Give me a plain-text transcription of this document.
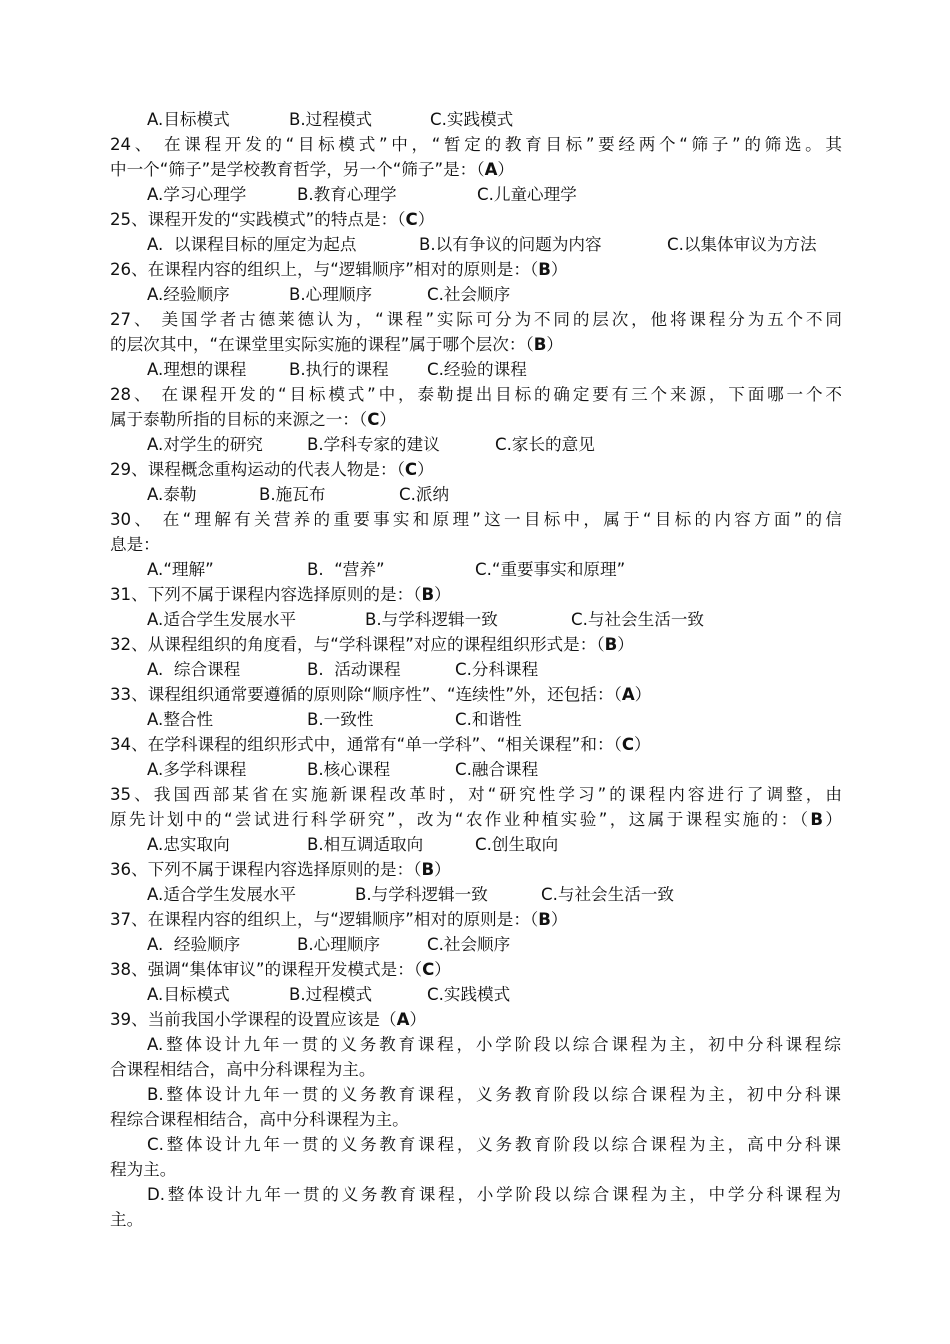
A.目标模式	B.过程模式	C.实践模式
24、 在课程开发的“目标模式”中，“暂定的教育目标”要经两个“筛子”的筛选。其
中一个“筛子”是学校教育哲学，另一个“筛子”是：（A）
A.学习心理学	B.教育心理学	C.儿童心理学
25、课程开发的“实践模式”的特点是：（C）
A.  以课程目标的厘定为起点	B.以有争议的问题为内容	C.以集体审议为方法
26、在课程内容的组织上，与“逻辑顺序”相对的原则是：（B）
A.经验顺序	B.心理顺序	C.社会顺序
27、 美国学者古德莱德认为，“课程”实际可分为不同的层次，他将课程分为五个不同
的层次其中，“在课堂里实际实施的课程”属于哪个层次：（B）
A.理想的课程	B.执行的课程 C.经验的课程
28、 在课程开发的“目标模式”中，泰勒提出目标的确定要有三个来源，下面哪一个不
属于泰勒所指的目标的来源之一：（C）
A.对学生的研究	B.学科专家的建议	C.家长的意见
29、课程概念重构运动的代表人物是：（C）
A.泰勒	B.施瓦布	C.派纳
30、 在“理解有关营养的重要事实和原理”这一目标中，属于“目标的内容方面”的信
息是：
A.“理解”	B.  “营养”	C.“重要事实和原理”
31、下列不属于课程内容选择原则的是：（B）
A.适合学生发展水平	B.与学科逻辑一致	C.与社会生活一致
32、从课程组织的角度看，与“学科课程”对应的课程组织形式是：（B）
A.  综合课程	B.  活动课程	C.分科课程
33、课程组织通常要遵循的原则除“顺序性”、“连续性”外，还包括：（A）
A.整合性	B.一致性	C.和谐性
34、在学科课程的组织形式中，通常有“单一学科”、“相关课程”和：（C）
A.多学科课程	B.核心课程	C.融合课程
35、我国西部某省在实施新课程改革时，对“研究性学习”的课程内容进行了调整，由
原先计划中的“尝试进行科学研究”，改为“农作业种植实验”，这属于课程实施的：（B）
A.忠实取向	B.相互调适取向	C.创生取向
36、下列不属于课程内容选择原则的是：（B）
A.适合学生发展水平	B.与学科逻辑一致	C.与社会生活一致
37、在课程内容的组织上，与“逻辑顺序”相对的原则是：（B）
A.  经验顺序	B.心理顺序	C.社会顺序
38、强调“集体审议”的课程开发模式是：（C）
A.目标模式	B.过程模式	C.实践模式
39、当前我国小学课程的设置应该是（A）
A.整体设计九年一贯的义务教育课程，小学阶段以综合课程为主，初中分科课程综
合课程相结合，高中分科课程为主。
B.整体设计九年一贯的义务教育课程，义务教育阶段以综合课程为主，初中分科课
程综合课程相结合，高中分科课程为主。
C.整体设计九年一贯的义务教育课程，义务教育阶段以综合课程为主，高中分科课
程为主。
D.整体设计九年一贯的义务教育课程，小学阶段以综合课程为主，中学分科课程为
主。
